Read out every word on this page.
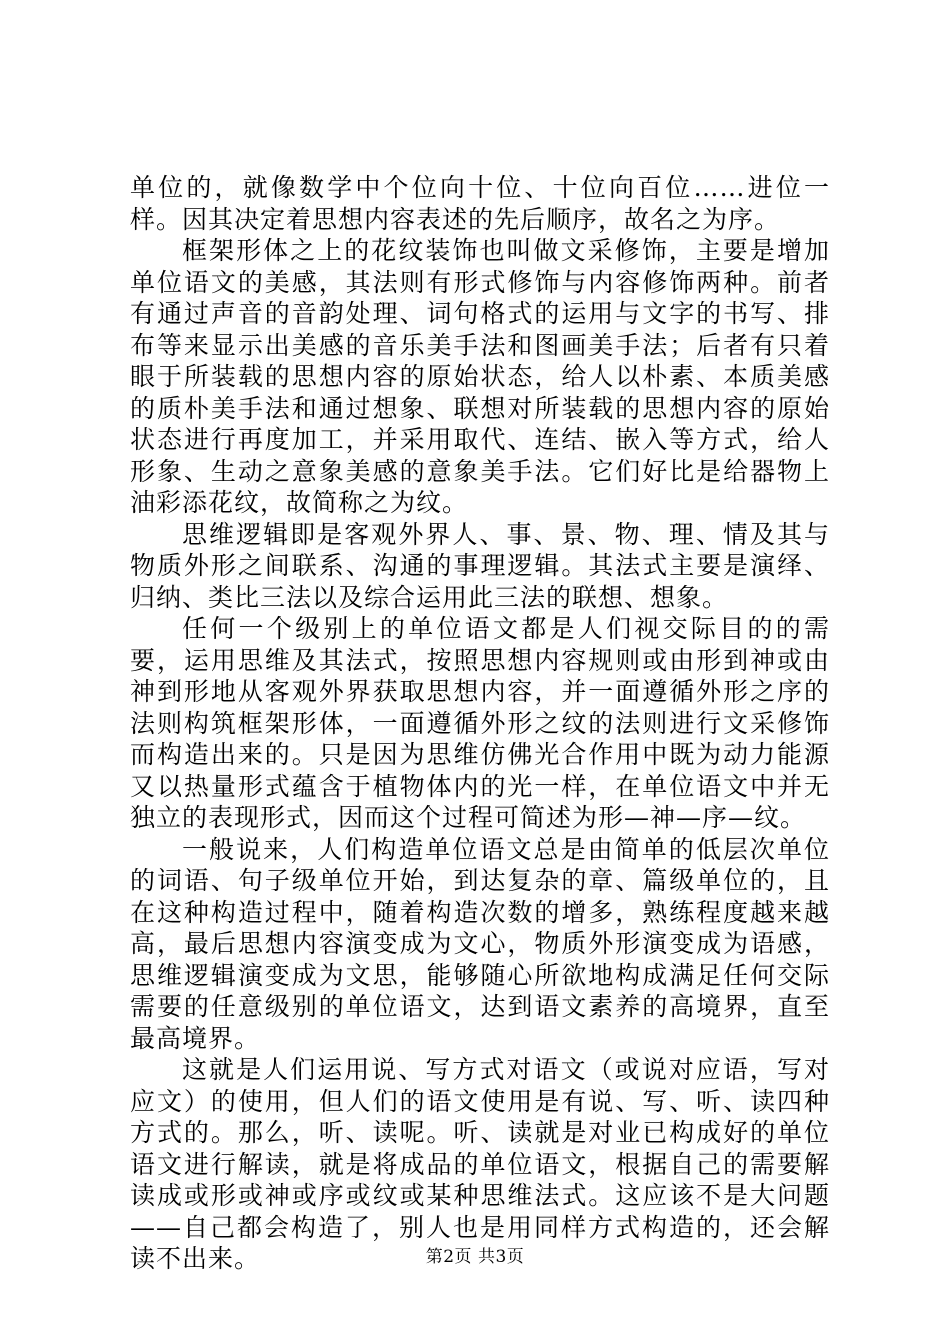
单位的，就像数学中个位向十位、十位向百位……进位一样。因其决定着思想内容表述的先后顺序，故名之为序。

框架形体之上的花纹装饰也叫做文采修饰，主要是增加单位语文的美感，其法则有形式修饰与内容修饰两种。前者有通过声音的音韵处理、词句格式的运用与文字的书写、排布等来显示出美感的音乐美手法和图画美手法；后者有只着眼于所装载的思想内容的原始状态，给人以朴素、本质美感的质朴美手法和通过想象、联想对所装载的思想内容的原始状态进行再度加工，并采用取代、连结、嵌入等方式，给人形象、生动之意象美感的意象美手法。它们好比是给器物上油彩添花纹，故简称之为纹。

思维逻辑即是客观外界人、事、景、物、理、情及其与物质外形之间联系、沟通的事理逻辑。其法式主要是演绎、归纳、类比三法以及综合运用此三法的联想、想象。

任何一个级别上的单位语文都是人们视交际目的的需要，运用思维及其法式，按照思想内容规则或由形到神或由神到形地从客观外界获取思想内容，并一面遵循外形之序的法则构筑框架形体，一面遵循外形之纹的法则进行文采修饰而构造出来的。只是因为思维仿佛光合作用中既为动力能源又以热量形式蕴含于植物体内的光一样，在单位语文中并无独立的表现形式，因而这个过程可简述为形—神—序—纹。

一般说来，人们构造单位语文总是由简单的低层次单位的词语、句子级单位开始，到达复杂的章、篇级单位的，且在这种构造过程中，随着构造次数的增多，熟练程度越来越高，最后思想内容演变成为文心，物质外形演变成为语感，思维逻辑演变成为文思，能够随心所欲地构成满足任何交际需要的任意级别的单位语文，达到语文素养的高境界，直至最高境界。

这就是人们运用说、写方式对语文（或说对应语，写对应文）的使用，但人们的语文使用是有说、写、听、读四种方式的。那么，听、读呢。听、读就是对业已构成好的单位语文进行解读，就是将成品的单位语文，根据自己的需要解读成或形或神或序或纹或某种思维法式。这应该不是大问题——自己都会构造了，别人也是用同样方式构造的，还会解读不出来。	第2页 共3页
